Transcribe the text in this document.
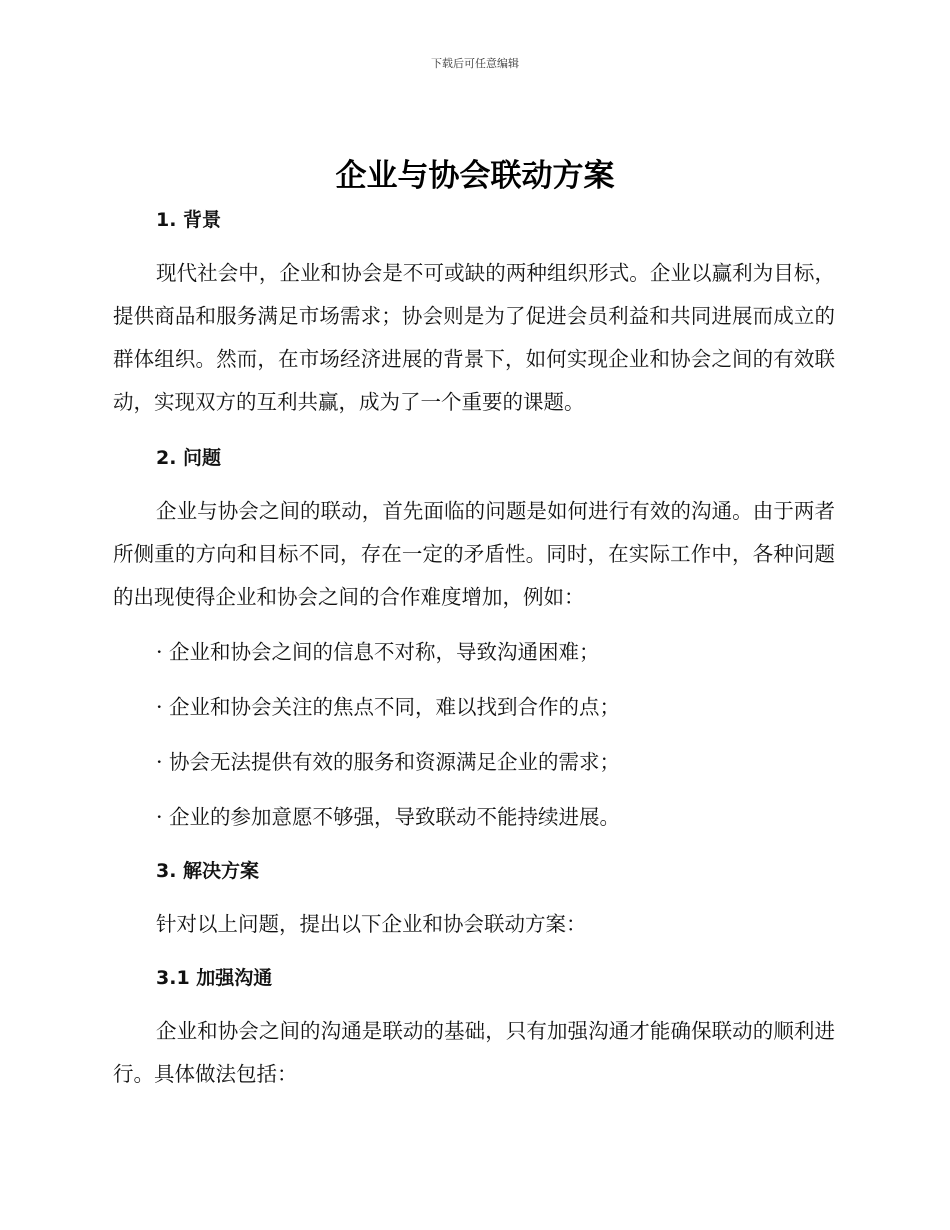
下载后可任意编辑
企业与协会联动方案

1. 背景

现代社会中，企业和协会是不可或缺的两种组织形式。企业以赢利为目标，提供商品和服务满足市场需求；协会则是为了促进会员利益和共同进展而成立的群体组织。然而，在市场经济进展的背景下，如何实现企业和协会之间的有效联动，实现双方的互利共赢，成为了一个重要的课题。

2. 问题

企业与协会之间的联动，首先面临的问题是如何进行有效的沟通。由于两者所侧重的方向和目标不同，存在一定的矛盾性。同时，在实际工作中，各种问题的出现使得企业和协会之间的合作难度增加，例如：

· 企业和协会之间的信息不对称，导致沟通困难；

· 企业和协会关注的焦点不同，难以找到合作的点；

· 协会无法提供有效的服务和资源满足企业的需求；

· 企业的参加意愿不够强，导致联动不能持续进展。

3. 解决方案

针对以上问题，提出以下企业和协会联动方案：

3.1 加强沟通

企业和协会之间的沟通是联动的基础，只有加强沟通才能确保联动的顺利进行。具体做法包括：
